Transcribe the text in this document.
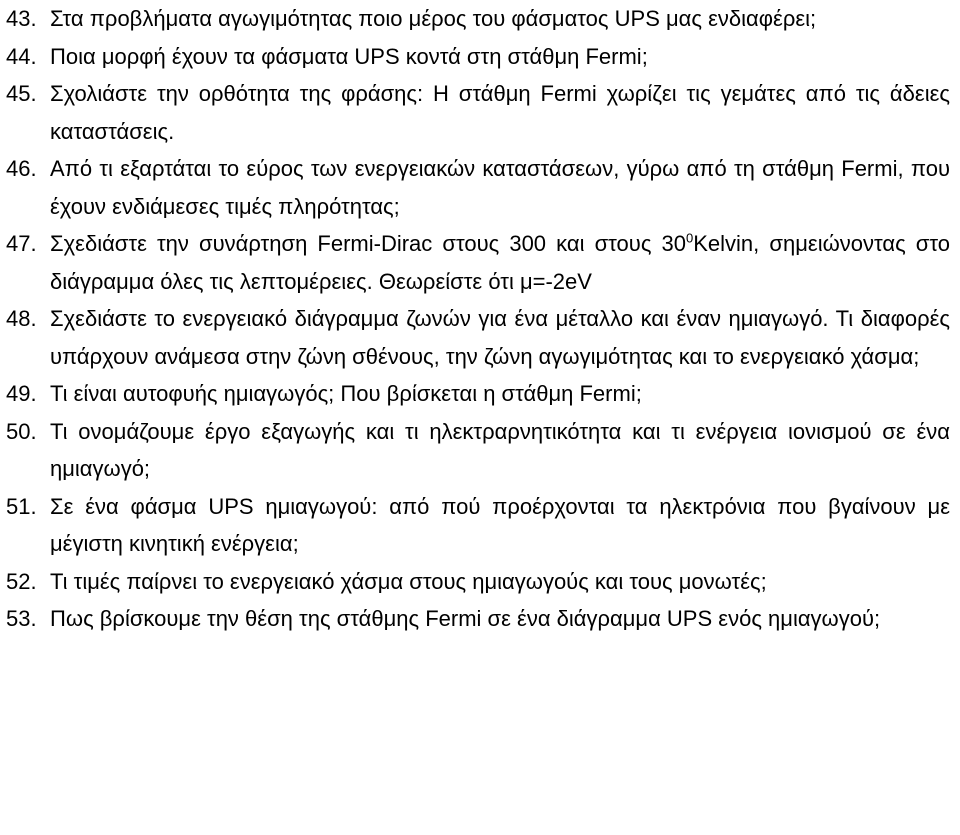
43. Στα προβλήματα αγωγιμότητας ποιο μέρος του φάσματος UPS μας ενδιαφέρει;
44. Ποια μορφή έχουν τα φάσματα UPS κοντά στη στάθμη Fermi;
45. Σχολιάστε την ορθότητα της φράσης: Η στάθμη Fermi χωρίζει τις γεμάτες από τις άδειες καταστάσεις.
46. Από τι εξαρτάται το εύρος των ενεργειακών καταστάσεων, γύρω από τη στάθμη Fermi, που έχουν ενδιάμεσες τιμές πληρότητας;
47. Σχεδιάστε την συνάρτηση Fermi-Dirac στους 300 και στους $30^0Kelvin$, σημειώνοντας στο διάγραμμα όλες τις λεπτομέρειες. Θεωρείστε ότι μ=-2eV
48. Σχεδιάστε το ενεργειακό διάγραμμα ζωνών για ένα μέταλλο και έναν ημιαγωγό. Τι διαφορές υπάρχουν ανάμεσα στην ζώνη σθένους, την ζώνη αγωγιμότητας και το ενεργειακό χάσμα;
49. Τι είναι αυτοφυής ημιαγωγός; Που βρίσκεται η στάθμη Fermi;
50. Τι ονομάζουμε έργο εξαγωγής και τι ηλεκτραρνητικότητα και τι ενέργεια ιονισμού σε ένα ημιαγωγό;
51. Σε ένα φάσμα UPS ημιαγωγού: από πού προέρχονται τα ηλεκτρόνια που βγαίνουν με μέγιστη κινητική ενέργεια;
52. Τι τιμές παίρνει το ενεργειακό χάσμα στους ημιαγωγούς και τους μονωτές;
53. Πως βρίσκουμε την θέση της στάθμης Fermi σε ένα διάγραμμα UPS ενός ημιαγωγού;
